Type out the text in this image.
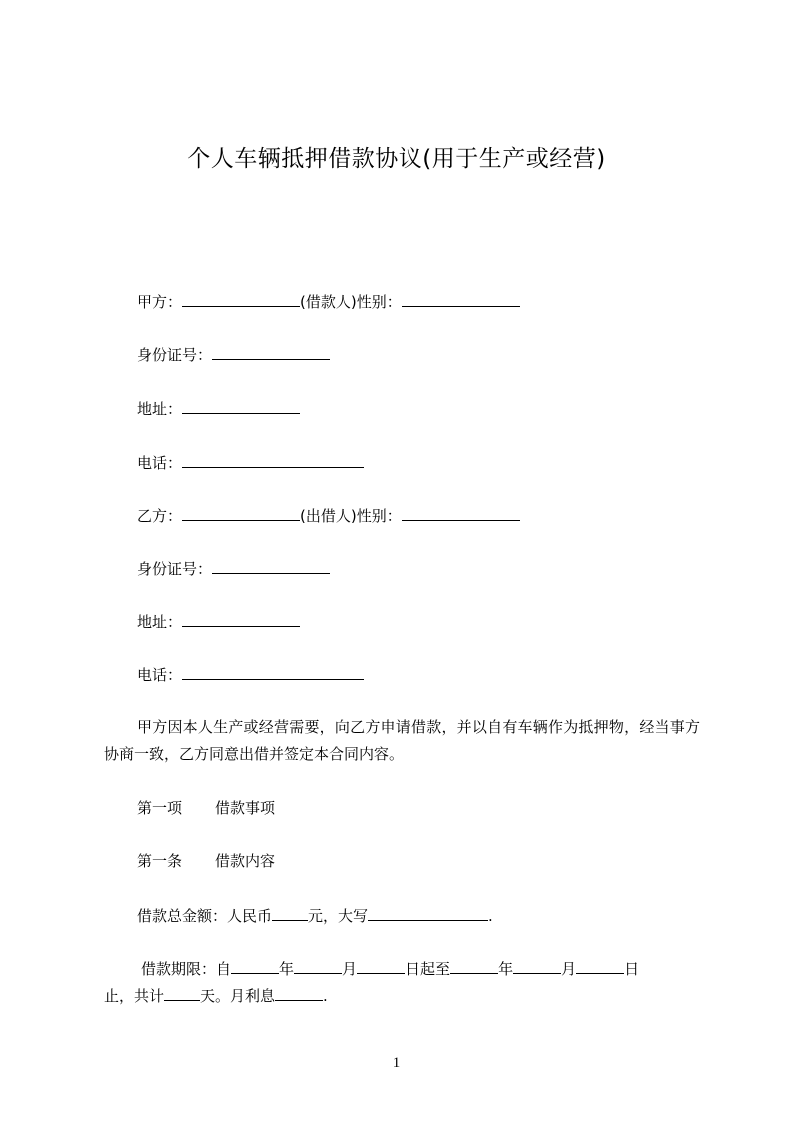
个人车辆抵押借款协议(用于生产或经营)
甲方：	(借款人)性别：
身份证号：
地址：
电话：
乙方：	(出借人)性别：
身份证号：
地址：
电话：
甲方因本人生产或经营需要，向乙方申请借款，并以自有车辆作为抵押物，经当事方协商一致，乙方同意出借并签定本合同内容。
第一项 借款事项
第一条 借款内容
借款总金额：人民币 元，大写	.
借款期限：自	年	月	日起至	年	月	日
止，共计 天。月利息	.
1
